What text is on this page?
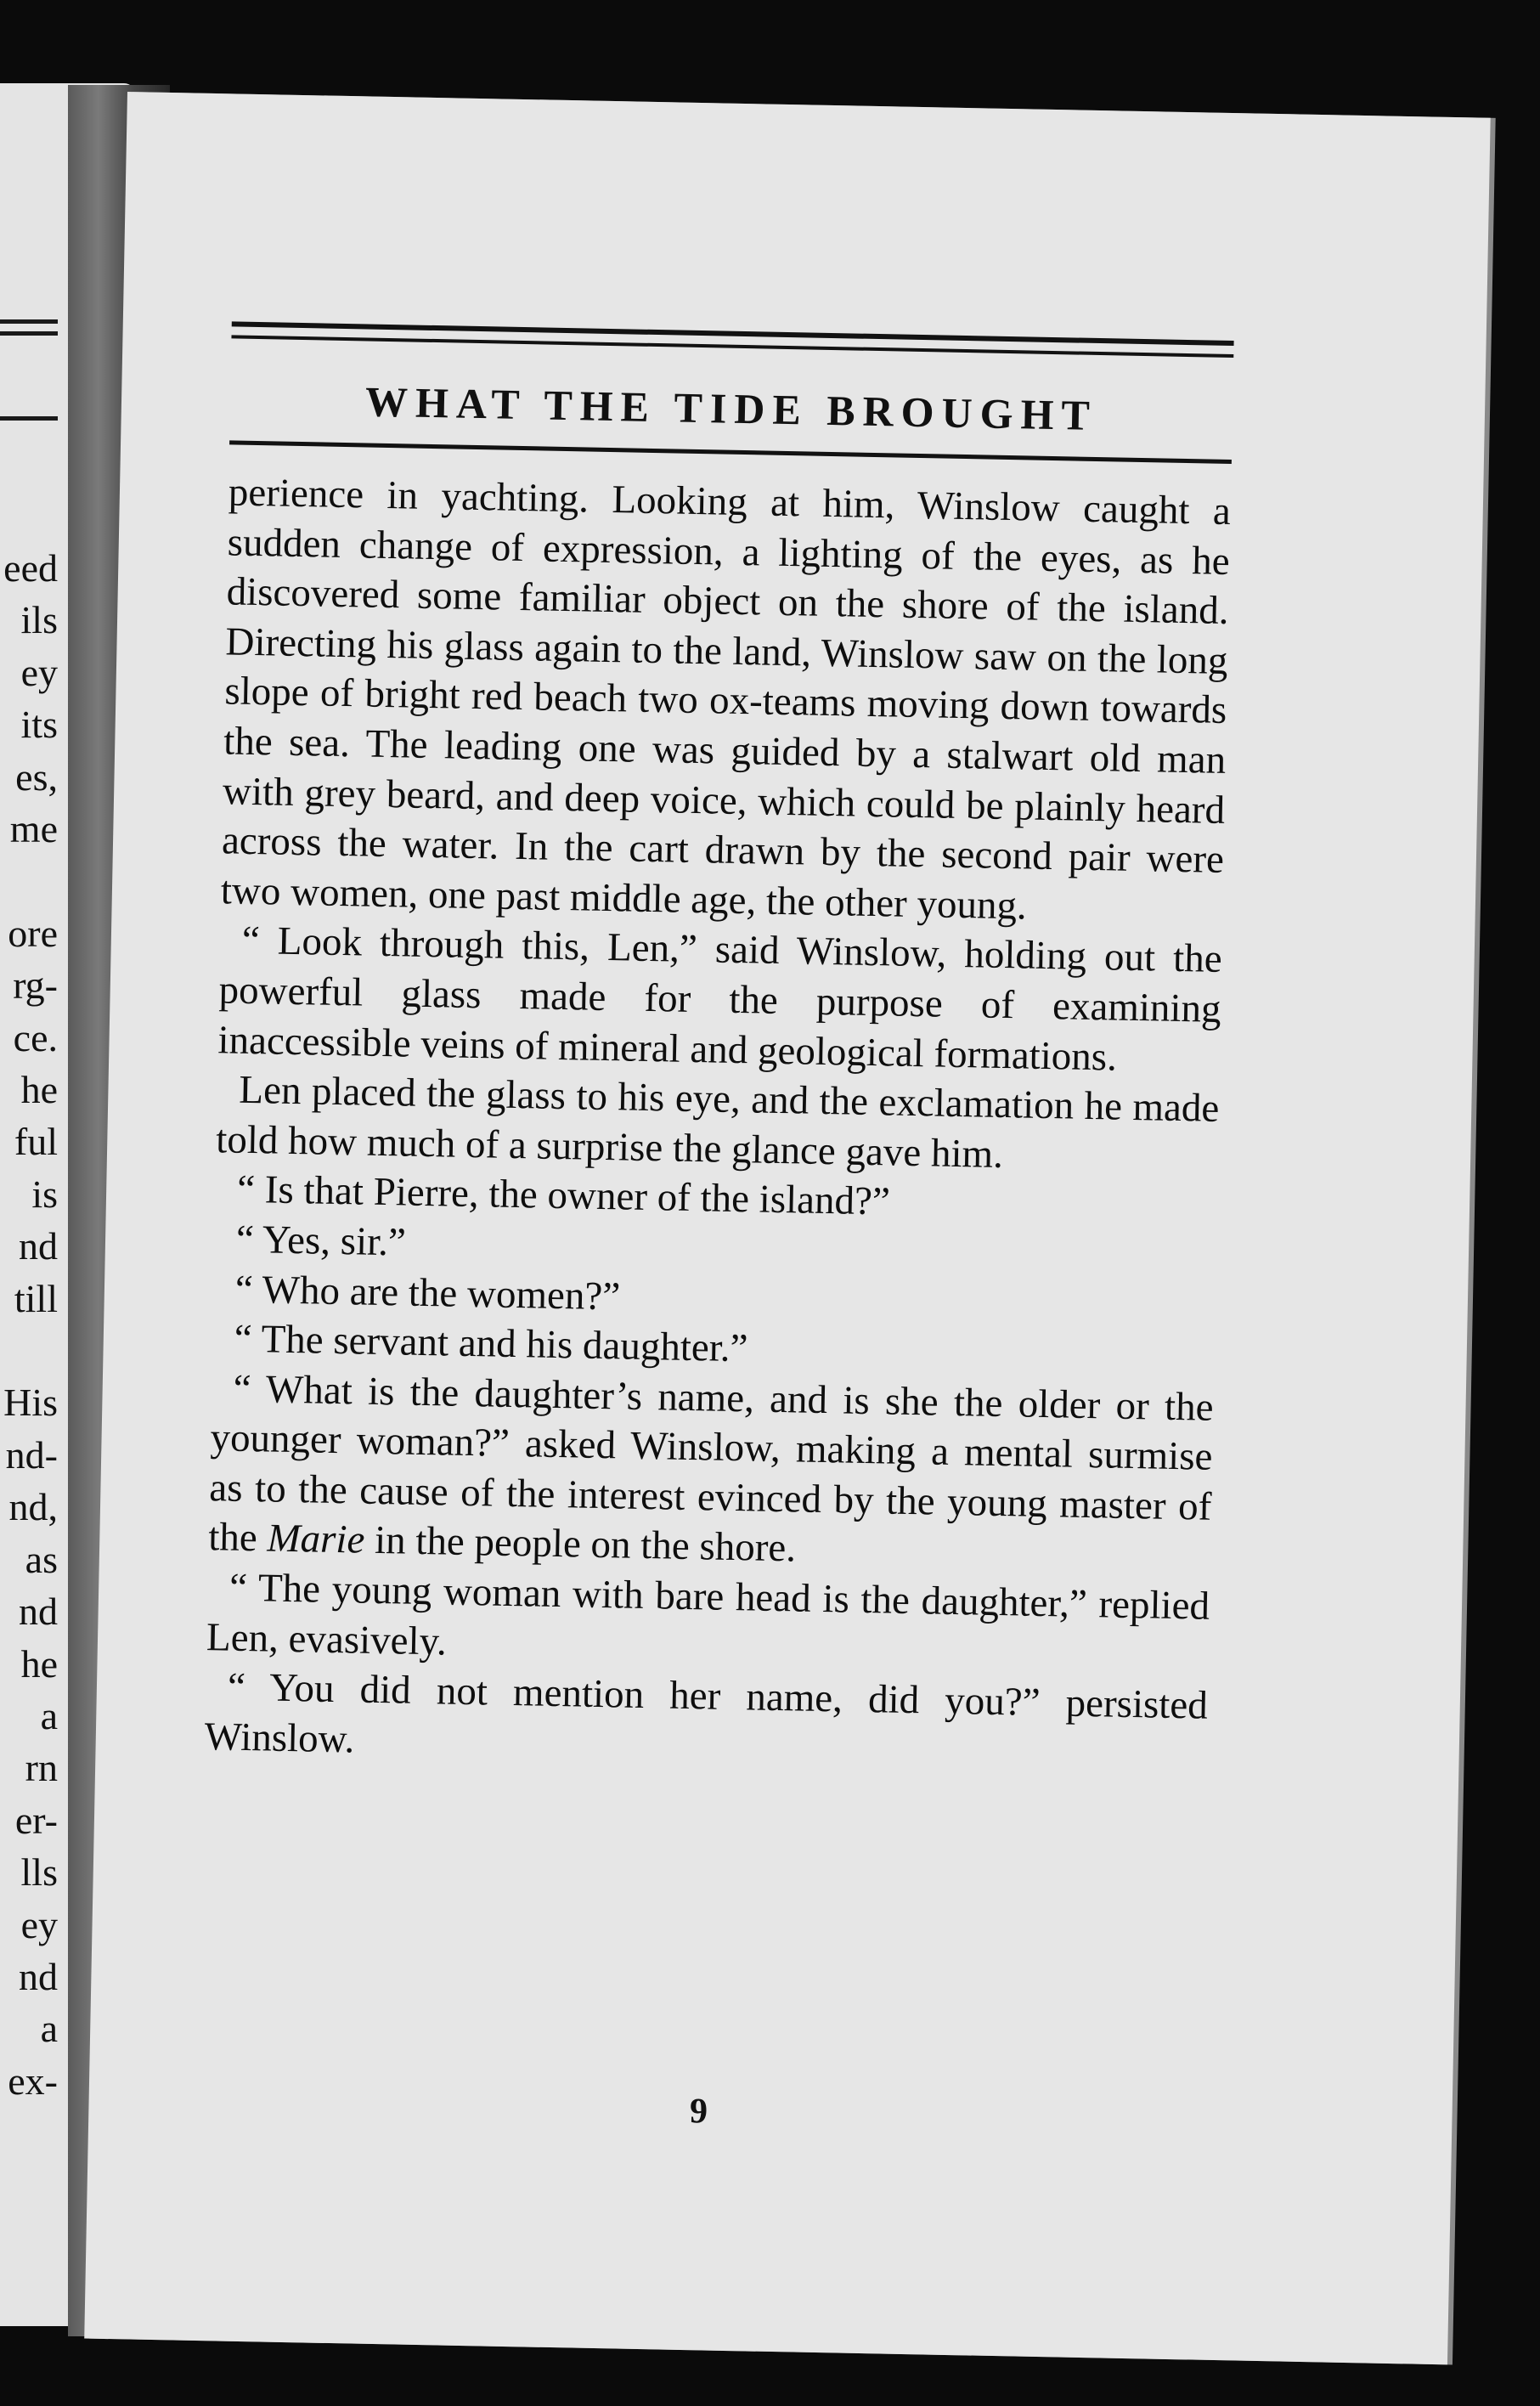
eed
ils
ey
its
es,
me
ore
rg-
ce.
he
ful
is
nd
till
His
nd-
nd,
as
nd
he
a
rn
er-
lls
ey
nd
a
ex-
WHAT THE TIDE BROUGHT

perience in yachting. Looking at him, Winslow caught a sudden change of expression, a lighting of the eyes, as he discovered some familiar object on the shore of the island. Directing his glass again to the land, Winslow saw on the long slope of bright red beach two ox-teams moving down towards the sea. The leading one was guided by a stalwart old man with grey beard, and deep voice, which could be plainly heard across the water. In the cart drawn by the second pair were two women, one past middle age, the other young.

“ Look through this, Len,” said Winslow, holding out the powerful glass made for the purpose of examining inaccessible veins of mineral and geological formations.

Len placed the glass to his eye, and the exclamation he made told how much of a surprise the glance gave him.

“ Is that Pierre, the owner of the island?”

“ Yes, sir.”

“ Who are the women?”

“ The servant and his daughter.”

“ What is the daughter’s name, and is she the older or the younger woman?” asked Winslow, making a mental surmise as to the cause of the interest evinced by the young master of the Marie in the people on the shore.

“ The young woman with bare head is the daughter,” replied Len, evasively.

“ You did not mention her name, did you?” persisted Winslow.

9
